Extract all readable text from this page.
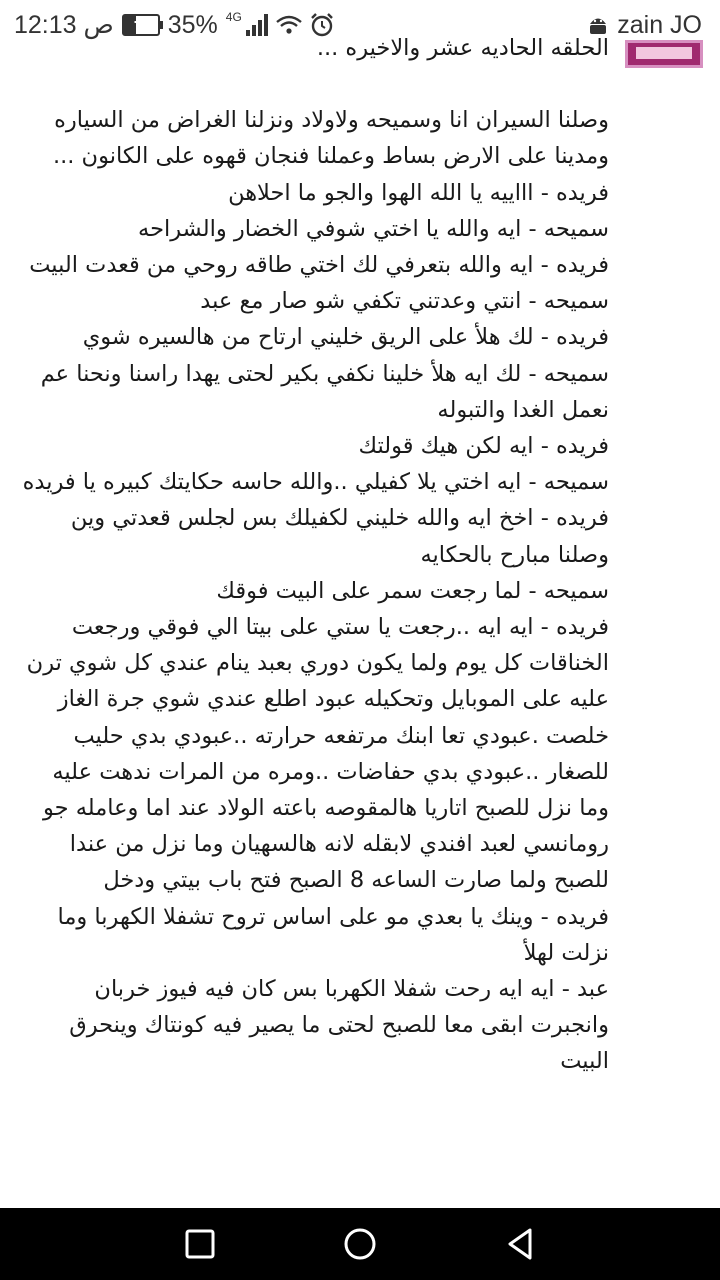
12:13 ص + 35% 4G	zain JO

الحلقه الحاديه عشر والاخيره ...

وصلنا السيران انا وسميحه ولاولاد ونزلنا الغراض من السياره ومدينا على الارض بساط وعملنا فنجان قهوه على الكانون ...

فريده - اااييه يا الله الهوا والجو ما احلاهن

سميحه - ايه والله يا اختي شوفي الخضار والشراحه

فريده - ايه والله بتعرفي لك اختي طاقه روحي من قعدت البيت

سميحه - انتي وعدتني تكفي شو صار مع عبد

فريده - لك هلأ على الريق خليني ارتاح من هالسيره شوي

سميحه - لك ايه هلأ خلينا نكفي بكير لحتى يهدا راسنا ونحنا عم نعمل الغدا والتبوله

فريده - ايه لكن هيك قولتك

سميحه - ايه اختي يلا كفيلي ..والله حاسه حكايتك كبيره يا فريده

فريده - اخخ ايه والله خليني لكفيلك بس لجلس قعدتي وين وصلنا مبارح بالحكايه

سميحه - لما رجعت سمر على البيت فوقك

فريده - ايه ايه ..رجعت يا ستي على بيتا الي فوقي ورجعت الخناقات كل يوم ولما يكون دوري بعبد ينام عندي كل شوي ترن عليه على الموبايل وتحكيله عبود اطلع عندي شوي جرة الغاز خلصت .عبودي تعا ابنك مرتفعه حرارته ..عبودي بدي حليب للصغار ..عبودي بدي حفاضات ..ومره من المرات ندهت عليه وما نزل للصبح اتاريا هالمقوصه باعته الولاد عند اما وعامله جو رومانسي لعبد افندي لابقله لانه هالسهيان وما نزل من عندا للصبح ولما صارت الساعه 8 الصبح فتح باب بيتي ودخل

فريده - وينك يا بعدي مو على اساس تروح تشفلا الكهربا وما نزلت لهلأ

عبد - ايه ايه رحت شفلا الكهربا بس كان فيه فيوز خربان وانجبرت ابقى معا للصبح لحتى ما يصير فيه كونتاك وينحرق البيت
